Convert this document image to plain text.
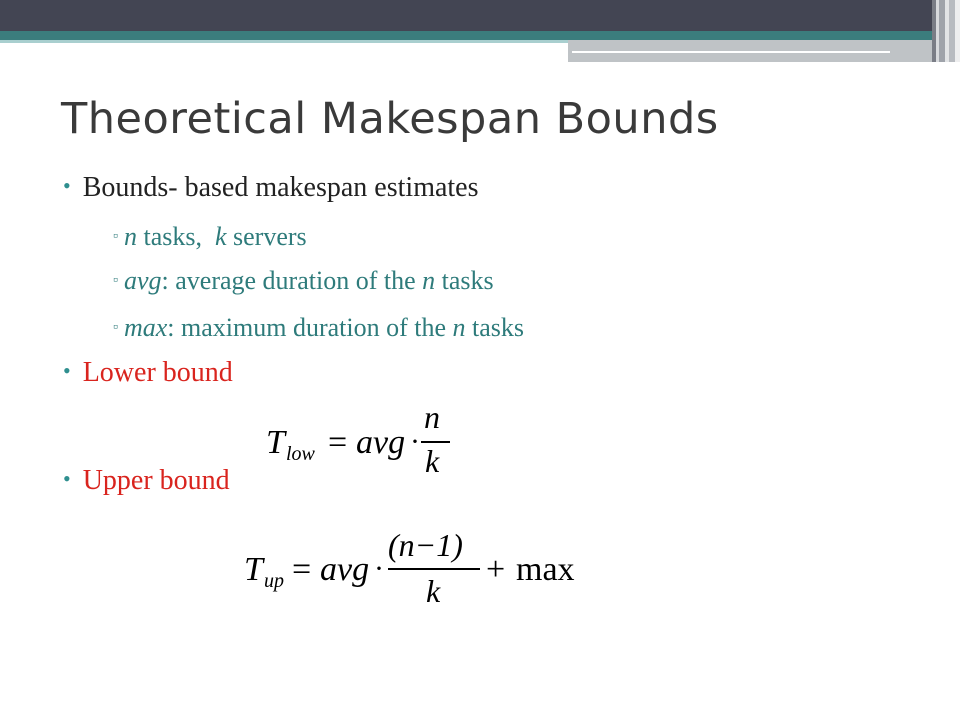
Theoretical Makespan Bounds
• Bounds- based makespan estimates
▫ n tasks,  k servers
▫ avg: average duration of the n tasks
▫ max: maximum duration of the n tasks
• Lower bound
T low = avg ·
n
k
• Upper bound
T up = avg ·
(n−1)
k
+ max
